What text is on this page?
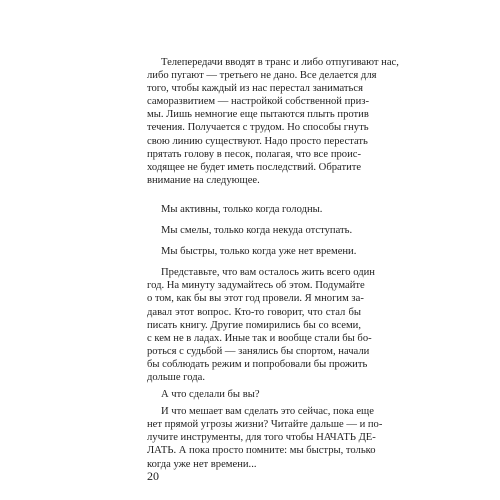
Телепередачи вводят в транс и либо отпугивают нас,
либо пугают — третьего не дано. Все делается для
того, чтобы каждый из нас перестал заниматься
саморазвитием — настройкой собственной приз-
мы. Лишь немногие еще пытаются плыть против
течения. Получается с трудом. Но способы гнуть
свою линию существуют. Надо просто перестать
прятать голову в песок, полагая, что все проис-
ходящее не будет иметь последствий. Обратите
внимание на следующее.
Мы активны, только когда голодны.
Мы смелы, только когда некуда отступать.
Мы быстры, только когда уже нет времени.
Представьте, что вам осталось жить всего один
год. На минуту задумайтесь об этом. Подумайте
о том, как бы вы этот год провели. Я многим за-
давал этот вопрос. Кто-то говорит, что стал бы
писать книгу. Другие помирились бы со всеми,
с кем не в ладах. Иные так и вообще стали бы бо-
роться с судьбой — занялись бы спортом, начали
бы соблюдать режим и попробовали бы прожить
дольше года.
А что сделали бы вы?
И что мешает вам сделать это сейчас, пока еще
нет прямой угрозы жизни? Читайте дальше — и по-
лучите инструменты, для того чтобы НАЧАТЬ ДЕ-
ЛАТЬ. А пока просто помните: мы быстры, только
когда уже нет времени...
20
